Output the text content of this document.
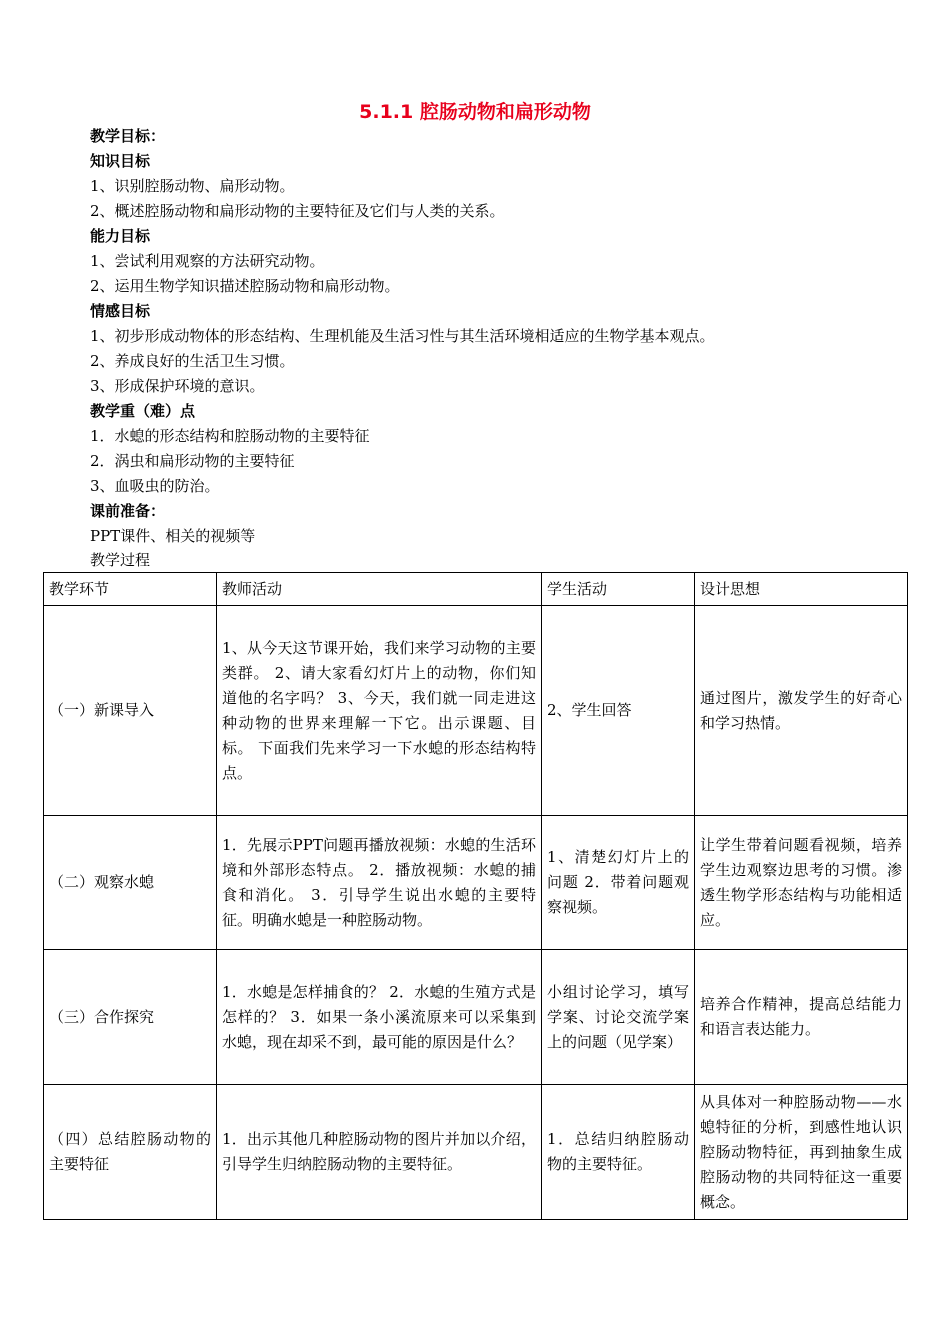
5.1.1 腔肠动物和扁形动物
教学目标：
知识目标
1、识别腔肠动物、扁形动物。
2、概述腔肠动物和扁形动物的主要特征及它们与人类的关系。
能力目标
1、尝试利用观察的方法研究动物。
2、运用生物学知识描述腔肠动物和扁形动物。
情感目标
1、初步形成动物体的形态结构、生理机能及生活习性与其生活环境相适应的生物学基本观点。
2、养成良好的生活卫生习惯。
3、形成保护环境的意识。
教学重（难）点
1．水螅的形态结构和腔肠动物的主要特征
2．涡虫和扁形动物的主要特征
3、血吸虫的防治。
课前准备：
PPT课件、相关的视频等
教学过程
教学环节	教师活动	学生活动	设计思想
（一）新课导入	1、从今天这节课开始，我们来学习动物的主要类群。 2、请大家看幻灯片上的动物，你们知道他的名字吗？ 3、今天，我们就一同走进这种动物的世界来理解一下它。出示课题、目标。 下面我们先来学习一下水螅的形态结构特点。	2、学生回答	通过图片，激发学生的好奇心和学习热情。
（二）观察水螅	1．先展示PPT问题再播放视频：水螅的生活环境和外部形态特点。 2．播放视频：水螅的捕食和消化。 3．引导学生说出水螅的主要特征。明确水螅是一种腔肠动物。	1、清楚幻灯片上的问题 2．带着问题观察视频。	让学生带着问题看视频，培养学生边观察边思考的习惯。渗透生物学形态结构与功能相适应。
（三）合作探究	1．水螅是怎样捕食的？ 2．水螅的生殖方式是怎样的？ 3．如果一条小溪流原来可以采集到水螅，现在却采不到，最可能的原因是什么？	小组讨论学习，填写学案、讨论交流学案上的问题（见学案）	培养合作精神，提高总结能力和语言表达能力。
（四）总结腔肠动物的主要特征	1．出示其他几种腔肠动物的图片并加以介绍，引导学生归纳腔肠动物的主要特征。	1．总结归纳腔肠动物的主要特征。	从具体对一种腔肠动物——水螅特征的分析，到感性地认识腔肠动物特征，再到抽象生成腔肠动物的共同特征这一重要概念。
